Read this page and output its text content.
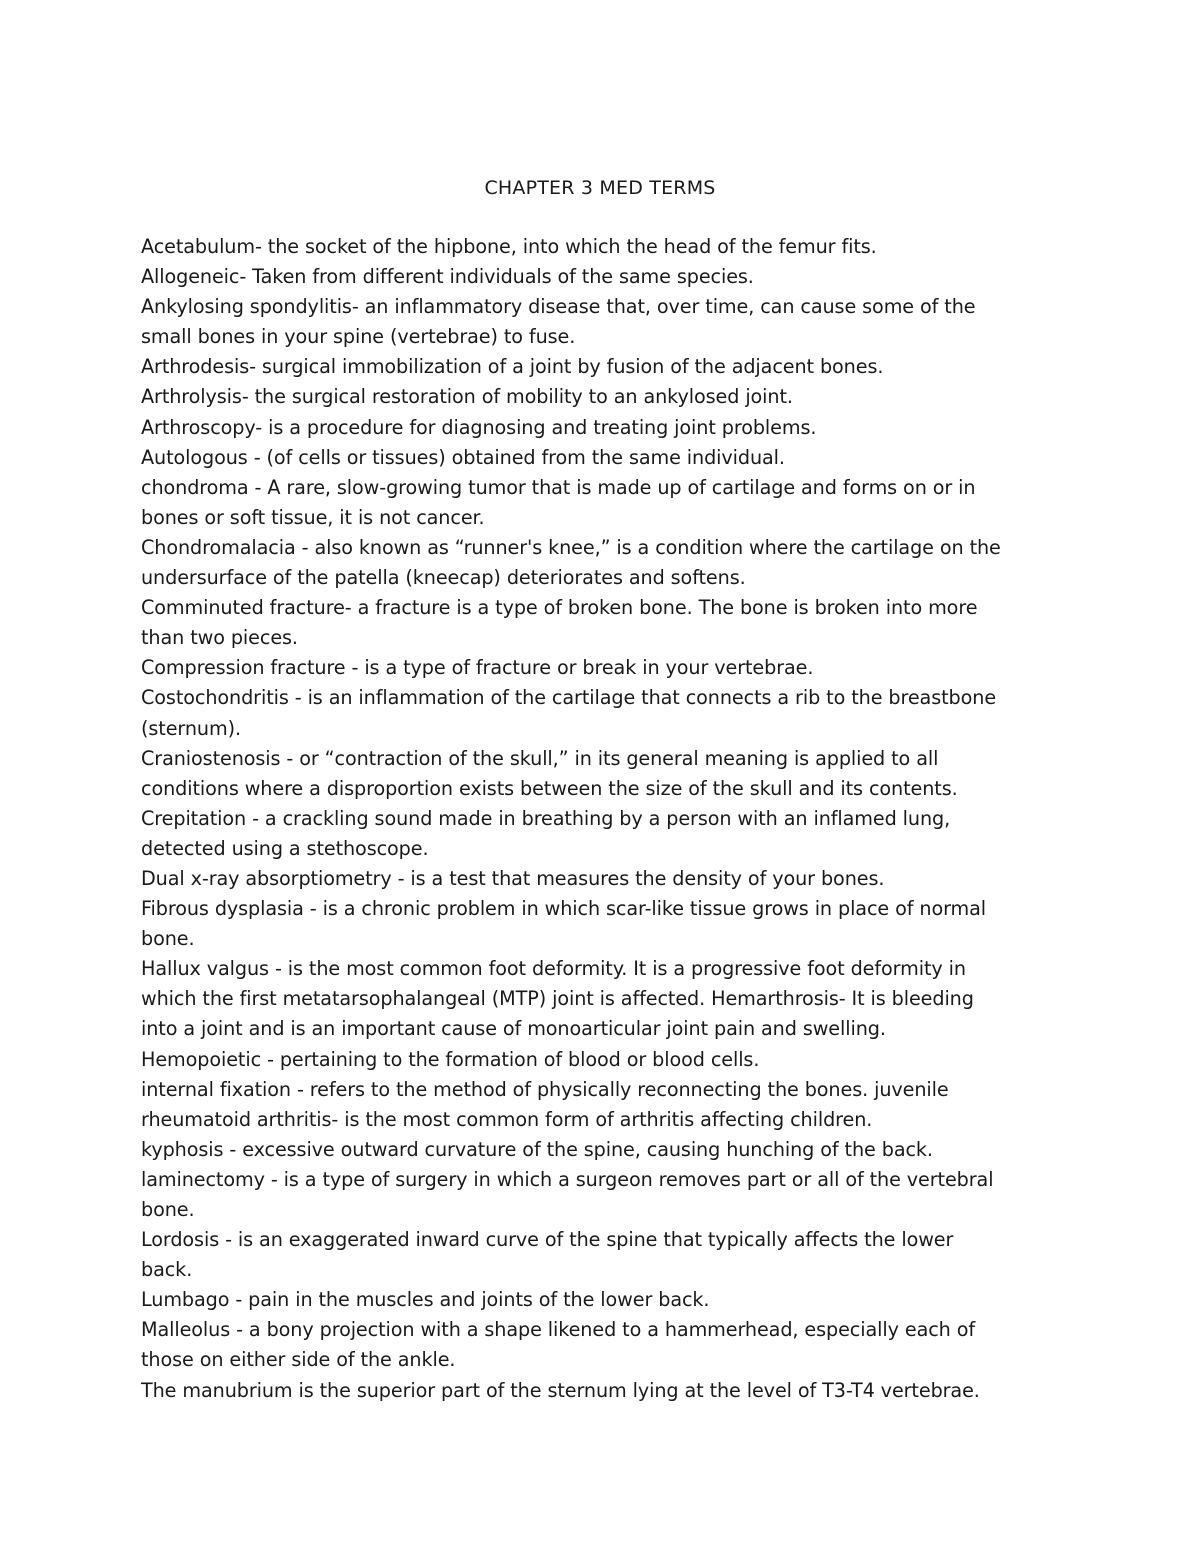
CHAPTER 3 MED TERMS
Acetabulum- the socket of the hipbone, into which the head of the femur fits.
Allogeneic- Taken from different individuals of the same species.
Ankylosing spondylitis- an inflammatory disease that, over time, can cause some of the
small bones in your spine (vertebrae) to fuse.
Arthrodesis- surgical immobilization of a joint by fusion of the adjacent bones.
Arthrolysis- the surgical restoration of mobility to an ankylosed joint.
Arthroscopy- is a procedure for diagnosing and treating joint problems.
Autologous - (of cells or tissues) obtained from the same individual.
chondroma - A rare, slow-growing tumor that is made up of cartilage and forms on or in
bones or soft tissue, it is not cancer.
Chondromalacia - also known as “runner's knee,” is a condition where the cartilage on the
undersurface of the patella (kneecap) deteriorates and softens.
Comminuted fracture- a fracture is a type of broken bone. The bone is broken into more
than two pieces.
Compression fracture - is a type of fracture or break in your vertebrae.
Costochondritis - is an inflammation of the cartilage that connects a rib to the breastbone
(sternum).
Craniostenosis - or “contraction of the skull,” in its general meaning is applied to all
conditions where a disproportion exists between the size of the skull and its contents.
Crepitation - a crackling sound made in breathing by a person with an inflamed lung,
detected using a stethoscope.
Dual x-ray absorptiometry - is a test that measures the density of your bones.
Fibrous dysplasia - is a chronic problem in which scar-like tissue grows in place of normal
bone.
Hallux valgus - is the most common foot deformity. It is a progressive foot deformity in
which the first metatarsophalangeal (MTP) joint is affected. Hemarthrosis- It is bleeding
into a joint and is an important cause of monoarticular joint pain and swelling.
Hemopoietic - pertaining to the formation of blood or blood cells.
internal fixation - refers to the method of physically reconnecting the bones. juvenile
rheumatoid arthritis- is the most common form of arthritis affecting children.
kyphosis - excessive outward curvature of the spine, causing hunching of the back.
laminectomy - is a type of surgery in which a surgeon removes part or all of the vertebral
bone.
Lordosis - is an exaggerated inward curve of the spine that typically affects the lower
back.
Lumbago - pain in the muscles and joints of the lower back.
Malleolus - a bony projection with a shape likened to a hammerhead, especially each of
those on either side of the ankle.
The manubrium is the superior part of the sternum lying at the level of T3-T4 vertebrae.
